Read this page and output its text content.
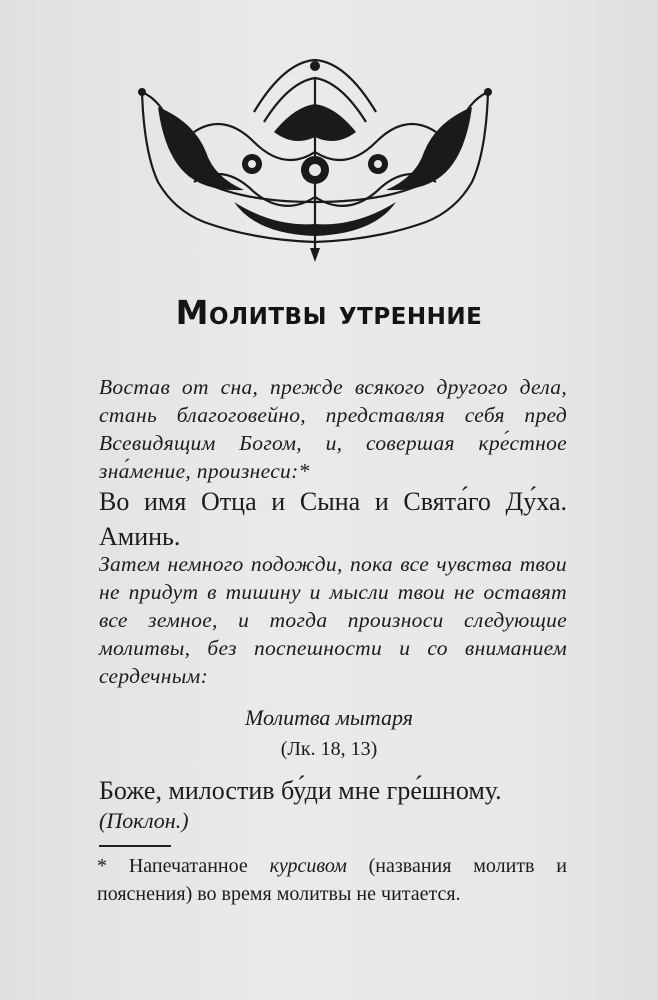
Молитвы утренние
Востав от сна, прежде всякого другого дела, стань благоговейно, представляя себя пред Всевидящим Богом, и, совершая кре́стное зна́мение, произнеси:*
Во имя Отца и Сына и Свята́го Ду́ха. Аминь.
Затем немного подожди, пока все чувства твои не придут в тишину и мысли твои не оставят все земное, и тогда произноси следующие молитвы, без поспешности и со вниманием сердечным:
Молитва мытаря
(Лк. 18, 13)
Боже, милостив бу́ди мне гре́шному.
(Поклон.)
* Напечатанное курсивом (названия молитв и пояснения) во время молитвы не читается.
